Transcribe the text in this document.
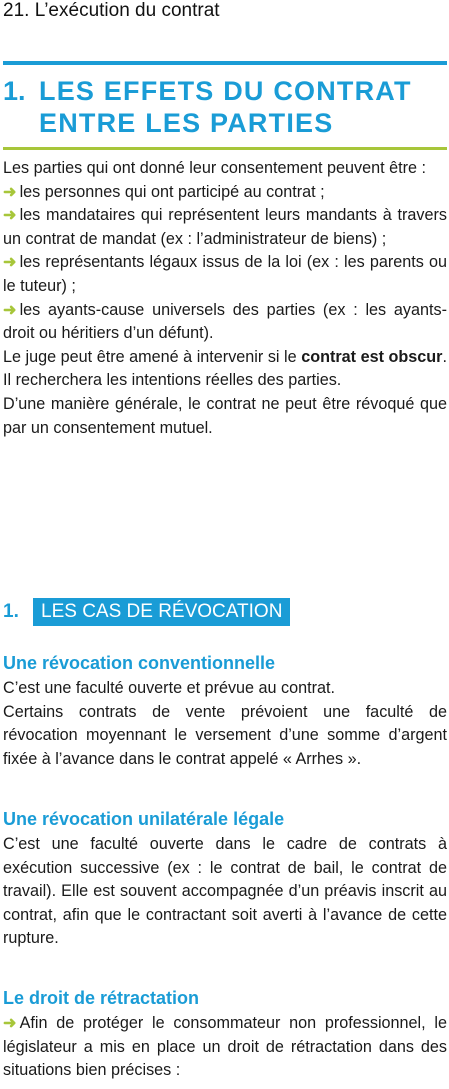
21. L’exécution du contrat
1. LES EFFETS DU CONTRAT
ENTRE LES PARTIES

Les parties qui ont donné leur consentement peuvent être :

➜ les personnes qui ont participé au contrat ;

➜ les mandataires qui représentent leurs mandants à travers un contrat de mandat (ex : l’administrateur de biens) ;

➜ les représentants légaux issus de la loi (ex : les parents ou le tuteur) ;

➜ les ayants-cause universels des parties (ex : les ayants-droit ou héritiers d’un défunt).

Le juge peut être amené à intervenir si le contrat est obscur. Il recherchera les intentions réelles des parties.

D’une manière générale, le contrat ne peut être révoqué que par un consentement mutuel.

1.	LES CAS DE RÉVOCATION
Une révocation conventionnelle

C’est une faculté ouverte et prévue au contrat.

Certains contrats de vente prévoient une faculté de révocation moyennant le versement d’une somme d’argent fixée à l’avance dans le contrat appelé « Arrhes ».

Une révocation unilatérale légale

C’est une faculté ouverte dans le cadre de contrats à exécution successive (ex : le contrat de bail, le contrat de travail). Elle est souvent accompagnée d’un préavis inscrit au contrat, afin que le contractant soit averti à l’avance de cette rupture.

Le droit de rétractation

➜ Afin de protéger le consommateur non professionnel, le législateur a mis en place un droit de rétractation dans des situations bien précises :
